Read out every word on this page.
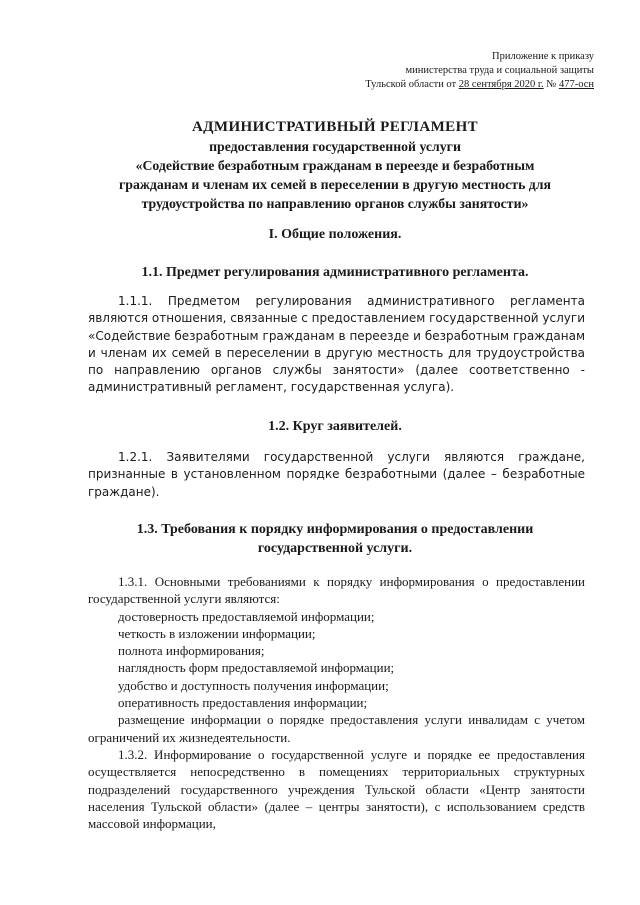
Приложение к приказу
министерства труда и социальной защиты
Тульской области от 28 сентября 2020 г. № 477-осн
АДМИНИСТРАТИВНЫЙ РЕГЛАМЕНТ
предоставления государственной услуги
«Содействие безработным гражданам в переезде и безработным
гражданам и членам их семей в переселении в другую местность для
трудоустройства по направлению органов службы занятости»
I. Общие положения.
1.1. Предмет регулирования административного регламента.
1.1.1. Предметом регулирования административного регламента являются отношения, связанные с предоставлением государственной услуги «Содействие безработным гражданам в переезде и безработным гражданам и членам их семей в переселении в другую местность для трудоустройства по направлению органов службы занятости» (далее соответственно - административный регламент, государственная услуга).
1.2. Круг заявителей.
1.2.1. Заявителями государственной услуги являются граждане, признанные в установленном порядке безработными (далее – безработные граждане).
1.3. Требования к порядку информирования о предоставлении
государственной услуги.
1.3.1. Основными требованиями к порядку информирования о предоставлении государственной услуги являются:
достоверность предоставляемой информации;
четкость в изложении информации;
полнота информирования;
наглядность форм предоставляемой информации;
удобство и доступность получения информации;
оперативность предоставления информации;
размещение информации о порядке предоставления услуги инвалидам с учетом ограничений их жизнедеятельности.
1.3.2. Информирование о государственной услуге и порядке ее предоставления осуществляется непосредственно в помещениях территориальных структурных подразделений государственного учреждения Тульской области «Центр занятости населения Тульской области» (далее – центры занятости), с использованием средств массовой информации,
